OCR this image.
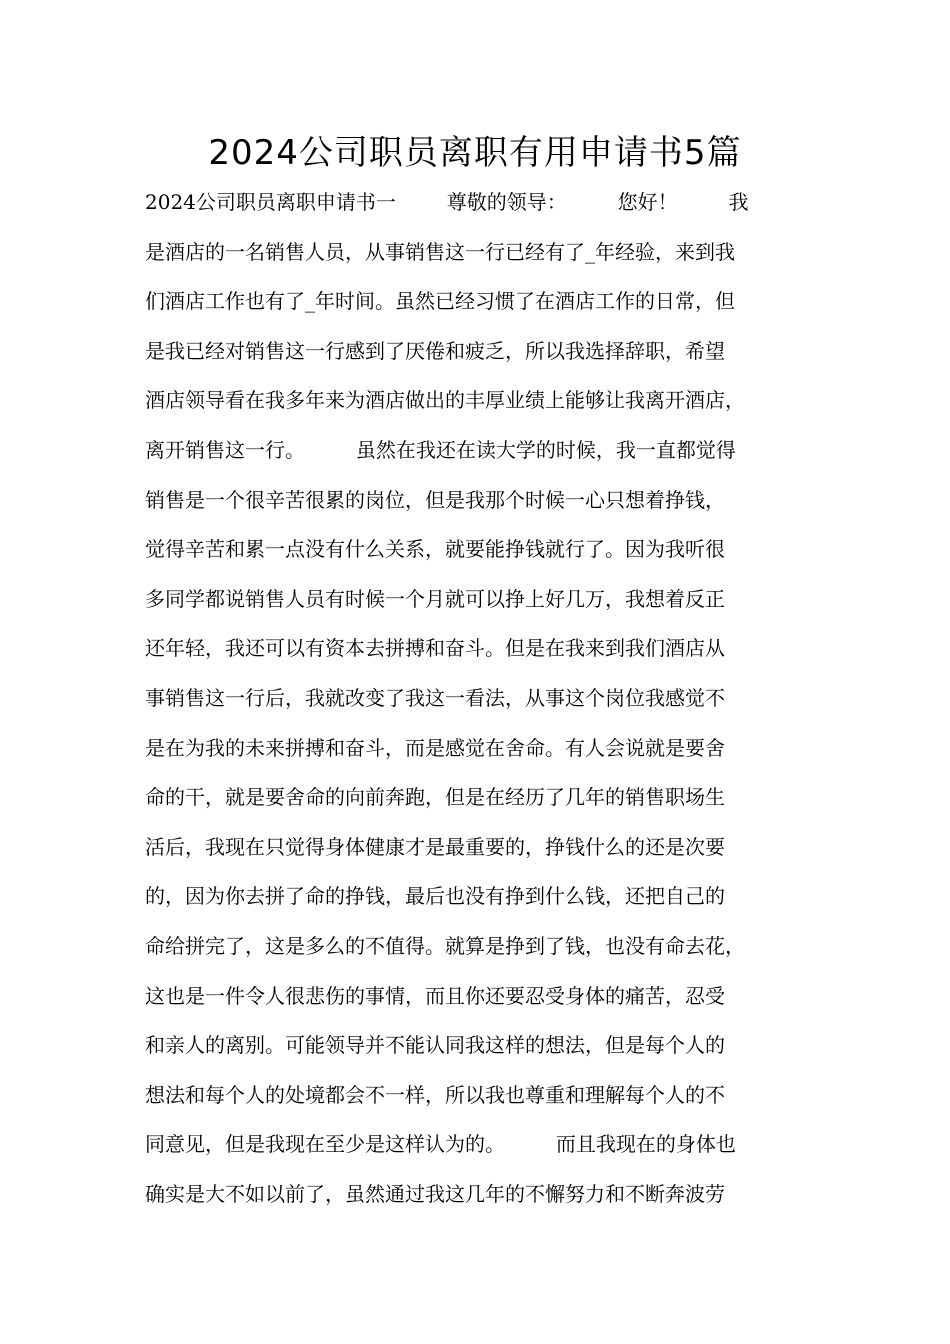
2024公司职员离职有用申请书5篇
2024公司职员离职申请书一        尊敬的领导：        您好！        我
是酒店的一名销售人员，从事销售这一行已经有了_年经验，来到我
们酒店工作也有了_年时间。虽然已经习惯了在酒店工作的日常，但
是我已经对销售这一行感到了厌倦和疲乏，所以我选择辞职，希望
酒店领导看在我多年来为酒店做出的丰厚业绩上能够让我离开酒店，
离开销售这一行。        虽然在我还在读大学的时候，我一直都觉得
销售是一个很辛苦很累的岗位，但是我那个时候一心只想着挣钱，
觉得辛苦和累一点没有什么关系，就要能挣钱就行了。因为我听很
多同学都说销售人员有时候一个月就可以挣上好几万，我想着反正
还年轻，我还可以有资本去拼搏和奋斗。但是在我来到我们酒店从
事销售这一行后，我就改变了我这一看法，从事这个岗位我感觉不
是在为我的未来拼搏和奋斗，而是感觉在舍命。有人会说就是要舍
命的干，就是要舍命的向前奔跑，但是在经历了几年的销售职场生
活后，我现在只觉得身体健康才是最重要的，挣钱什么的还是次要
的，因为你去拼了命的挣钱，最后也没有挣到什么钱，还把自己的
命给拼完了，这是多么的不值得。就算是挣到了钱，也没有命去花，
这也是一件令人很悲伤的事情，而且你还要忍受身体的痛苦，忍受
和亲人的离别。可能领导并不能认同我这样的想法，但是每个人的
想法和每个人的处境都会不一样，所以我也尊重和理解每个人的不
同意见，但是我现在至少是这样认为的。        而且我现在的身体也
确实是大不如以前了，虽然通过我这几年的不懈努力和不断奔波劳
